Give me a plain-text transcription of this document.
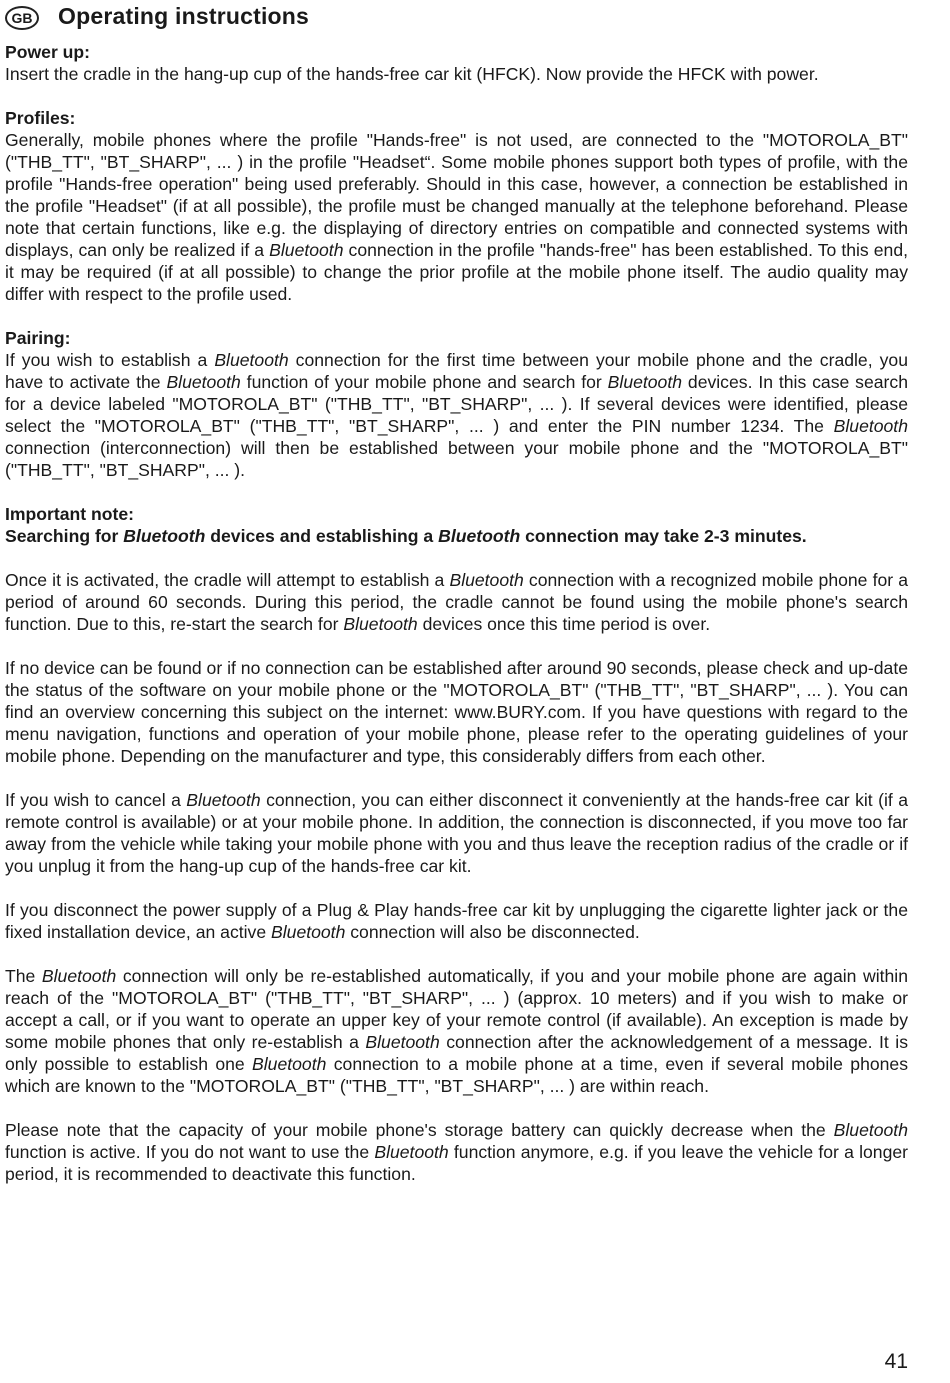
GB Operating instructions

Power up:

Insert the cradle in the hang-up cup of the hands-free car kit (HFCK). Now provide the HFCK with power.

Profiles:

Generally, mobile phones where the profile "Hands-free" is not used, are connected to the "MOTOROLA_BT" ("THB_TT", "BT_SHARP", ... ) in the profile "Headset“. Some mobile phones support both types of profile, with the profile "Hands-free operation" being used preferably. Should in this case, however, a connection be established in the profile "Headset" (if at all possible), the profile must be changed manually at the telephone beforehand. Please note that certain functions, like e.g. the displaying of directory entries on compatible and connected systems with displays, can only be realized if a Bluetooth connection in the profile "hands-free" has been established. To this end, it may be required (if at all possible) to change the prior profile at the mobile phone itself. The audio quality may differ with respect to the profile used.

Pairing:

If you wish to establish a Bluetooth connection for the first time between your mobile phone and the cradle, you have to activate the Bluetooth function of your mobile phone and search for Bluetooth devices. In this case search for a device labeled "MOTOROLA_BT" ("THB_TT", "BT_SHARP", ... ). If several devices were identified, please select the "MOTOROLA_BT" ("THB_TT", "BT_SHARP", ... ) and enter the PIN number 1234. The Bluetooth connection (interconnection) will then be established between your mobile phone and the "MOTOROLA_BT" ("THB_TT", "BT_SHARP", ... ).

Important note:

Searching for Bluetooth devices and establishing a Bluetooth connection may take 2-3 minutes.

Once it is activated, the cradle will attempt to establish a Bluetooth connection with a recognized mobile phone for a period of around 60 seconds. During this period, the cradle cannot be found using the mobile phone's search function. Due to this, re-start the search for Bluetooth devices once this time period is over.

If no device can be found or if no connection can be established after around 90 seconds, please check and up-date the status of the software on your mobile phone or the "MOTOROLA_BT" ("THB_TT", "BT_SHARP", ... ). You can find an overview concerning this subject on the internet: www.BURY.com. If you have questions with regard to the menu navigation, functions and operation of your mobile phone, please refer to the operating guidelines of your mobile phone. Depending on the manufacturer and type, this considerably differs from each other.

If you wish to cancel a Bluetooth connection, you can either disconnect it conveniently at the hands-free car kit (if a remote control is available) or at your mobile phone. In addition, the connection is disconnected, if you move too far away from the vehicle while taking your mobile phone with you and thus leave the reception radius of the cradle or if you unplug it from the hang-up cup of the hands-free car kit.

If you disconnect the power supply of a Plug & Play hands-free car kit by unplugging the cigarette lighter jack or the fixed installation device, an active Bluetooth connection will also be disconnected.

The Bluetooth connection will only be re-established automatically, if you and your mobile phone are again within reach of the "MOTOROLA_BT" ("THB_TT", "BT_SHARP", ... ) (approx. 10 meters) and if you wish to make or accept a call, or if you want to operate an upper key of your remote control (if available). An exception is made by some mobile phones that only re-establish a Bluetooth connection after the acknowledgement of a message. It is only possible to establish one Bluetooth connection to a mobile phone at a time, even if several mobile phones which are known to the "MOTOROLA_BT" ("THB_TT", "BT_SHARP", ... ) are within reach.

Please note that the capacity of your mobile phone's storage battery can quickly decrease when the Bluetooth function is active. If you do not want to use the Bluetooth function anymore, e.g. if you leave the vehicle for a longer period, it is recommended to deactivate this function.

41
